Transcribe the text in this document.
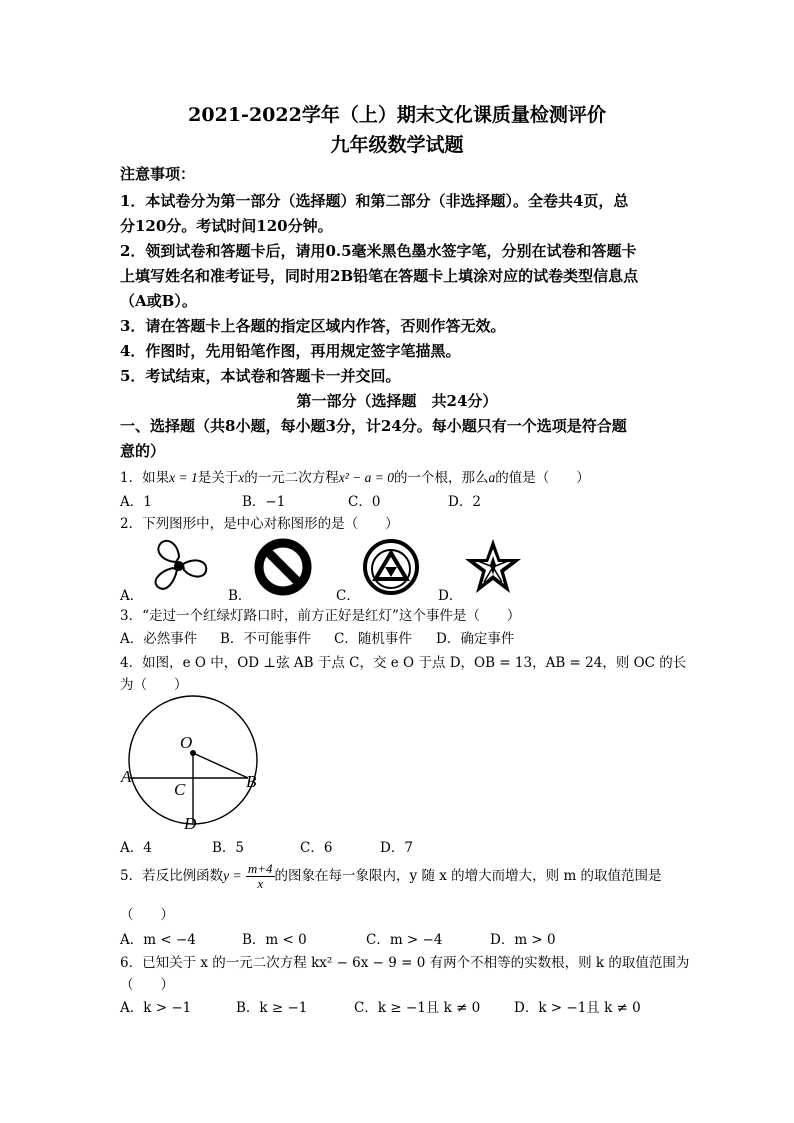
2021-2022学年（上）期末文化课质量检测评价
九年级数学试题
注意事项：
1．本试卷分为第一部分（选择题）和第二部分（非选择题）。全卷共4页，总
分120分。考试时间120分钟。
2．领到试卷和答题卡后，请用0.5毫米黑色墨水签字笔，分别在试卷和答题卡
上填写姓名和准考证号，同时用2B铅笔在答题卡上填涂对应的试卷类型信息点
（A或B）。
3．请在答题卡上各题的指定区域内作答，否则作答无效。
4．作图时，先用铅笔作图，再用规定签字笔描黑。
5．考试结束，本试卷和答题卡一并交回。
第一部分（选择题　共24分）
一、选择题（共8小题，每小题3分，计24分。每小题只有一个选项是符合题
意的）
1．如果x = 1是关于x的一元二次方程x² − a = 0的一个根，那么a的值是（　　）
A．1	B．−1	C．0	D．2
2．下列图形中，是中心对称图形的是（　　）
A．	B．	C．	D．
3．“走过一个红绿灯路口时，前方正好是红灯”这个事件是（　　）
A．必然事件 B．不可能事件 C．随机事件 D．确定事件
4．如图，e O 中，OD ⊥弦 AB 于点 C，交 e O 于点 D，OB = 13，AB = 24，则 OC 的长
为（　　）
O
A
C	B
D
A．4	B．5	C．6	D．7
5．若反比例函数$y = \frac{m+4}{x}$ 的图象在每一象限内，y 随 x 的增大而增大，则 m 的取值范围是
（　　）
A．m < −4	B．m < 0	C．m > −4	D．m > 0
6．已知关于 x 的一元二次方程 kx² − 6x − 9 = 0 有两个不相等的实数根，则 k 的取值范围为
（　　）
A．k > −1	B．k ≥ −1	C．k ≥ −1且 k ≠ 0 D．k > −1且 k ≠ 0
